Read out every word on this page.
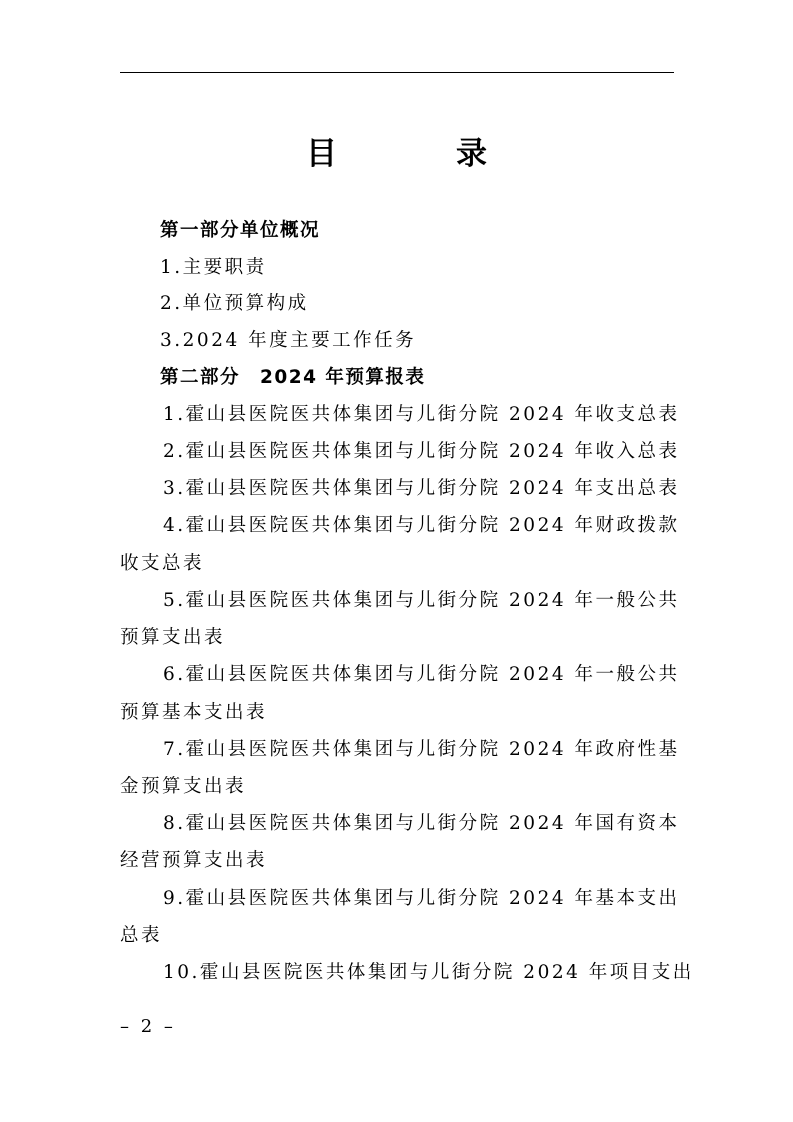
目　录
第一部分单位概况
1.主要职责
2.单位预算构成
3.2024 年度主要工作任务
第二部分　2024 年预算报表
1.霍山县医院医共体集团与儿街分院 2024 年收支总表
2.霍山县医院医共体集团与儿街分院 2024 年收入总表
3.霍山县医院医共体集团与儿街分院 2024 年支出总表
4.霍山县医院医共体集团与儿街分院 2024 年财政拨款
收支总表
5.霍山县医院医共体集团与儿街分院 2024 年一般公共
预算支出表
6.霍山县医院医共体集团与儿街分院 2024 年一般公共
预算基本支出表
7.霍山县医院医共体集团与儿街分院 2024 年政府性基
金预算支出表
8.霍山县医院医共体集团与儿街分院 2024 年国有资本
经营预算支出表
9.霍山县医院医共体集团与儿街分院 2024 年基本支出
总表
10.霍山县医院医共体集团与儿街分院 2024 年项目支出
– 2 –
